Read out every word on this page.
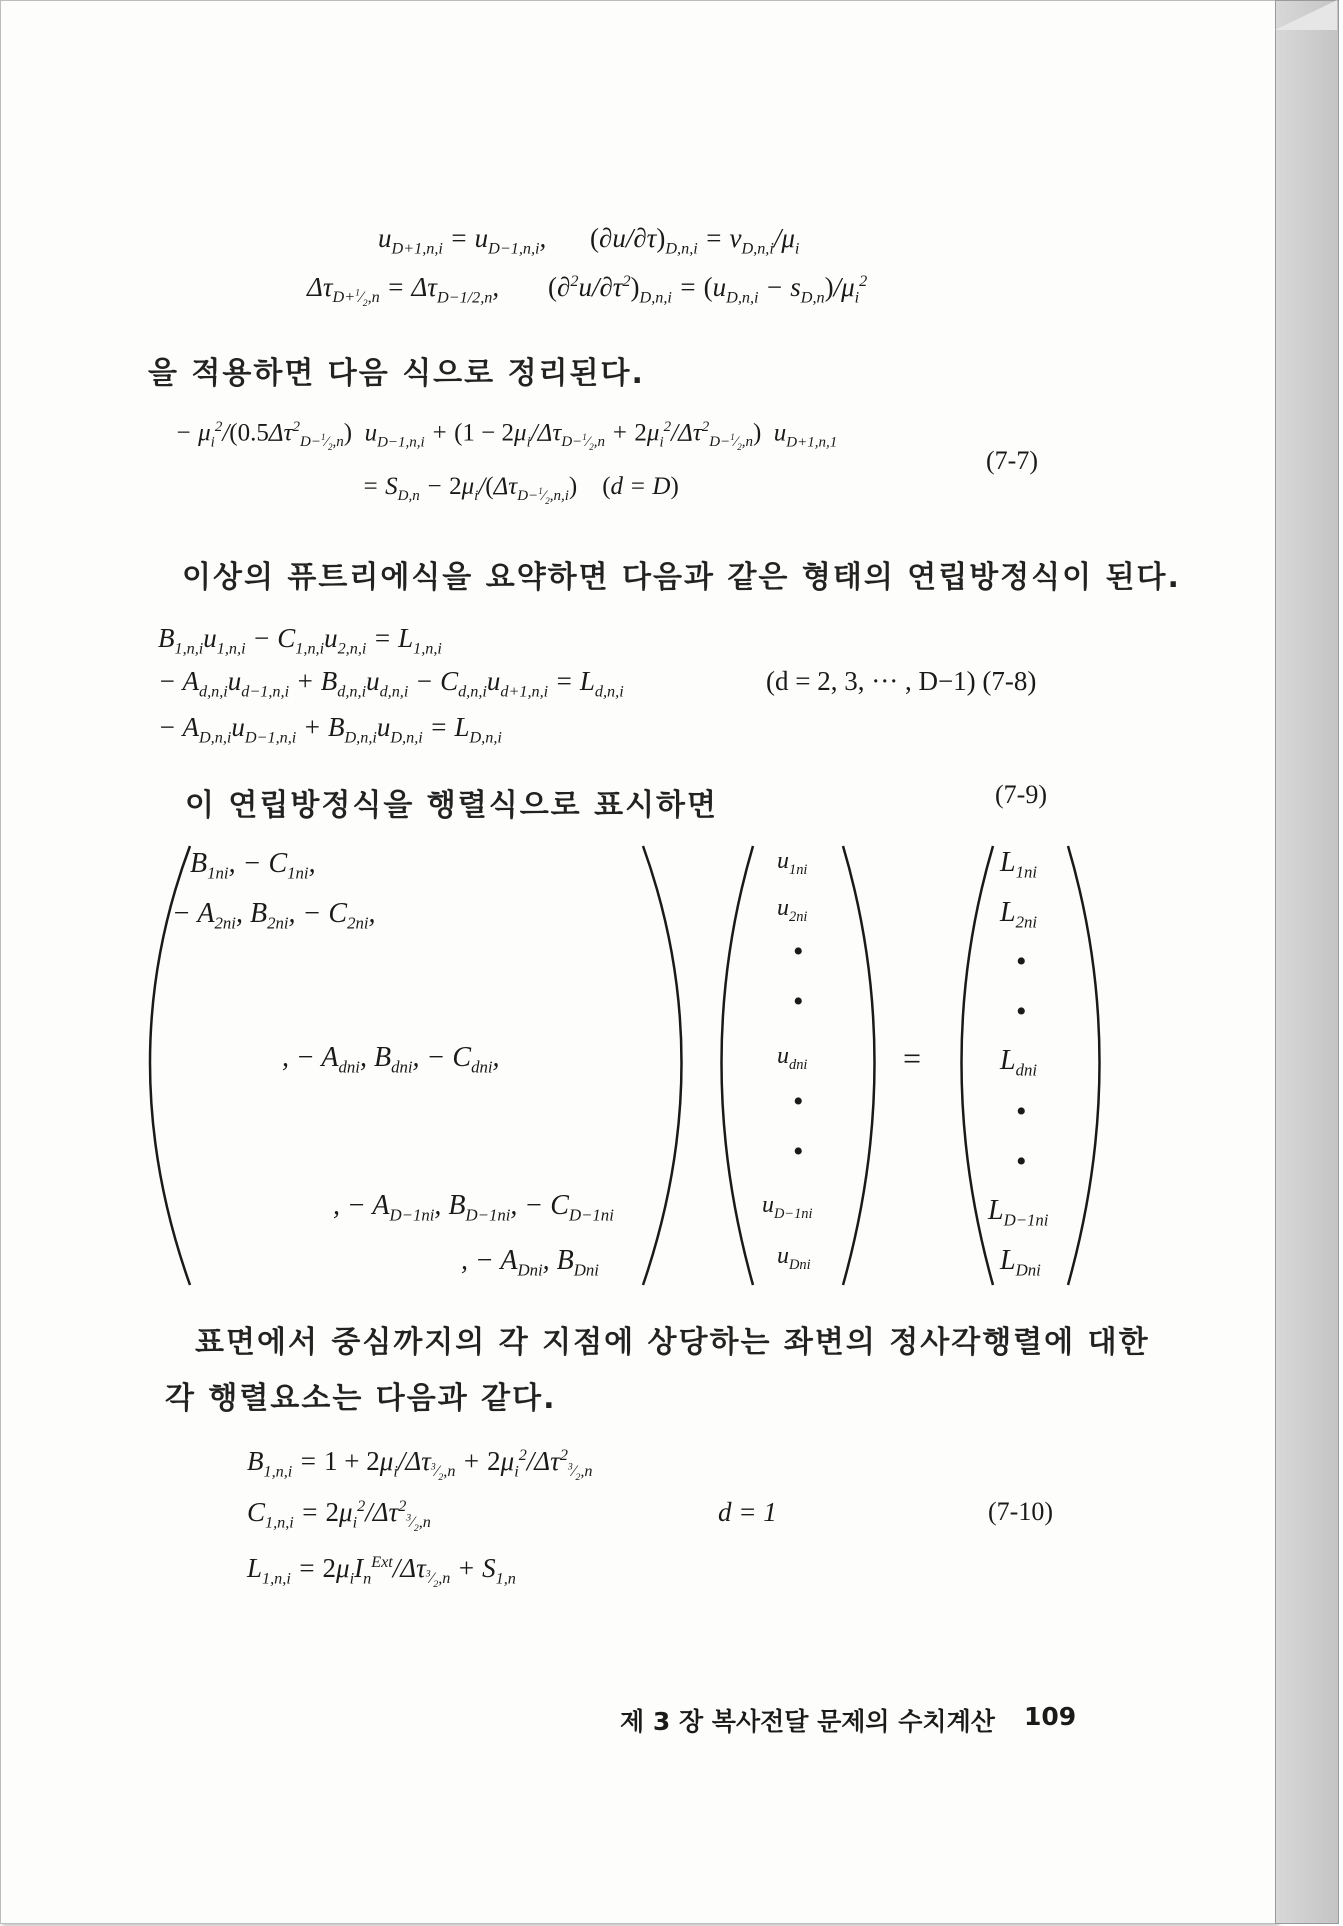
$u_{D+1,n,i} = u_{D-1,n,i}$, $(\partial u/\partial\tau)_{D,n,i} = v_{D,n,i}/\mu_i$
$\Delta\tau_{D+^1⁄_2,n} = \Delta\tau_{D-1/2,n}$, $(\partial^2u/\partial\tau^2)_{D,n,i} = (u_{D,n,i} - s_{D,n})/\mu_i^2$
을 적용하면 다음 식으로 정리된다.
− $\mu_i^2/(0.5\Delta\tau^2_{D-^1⁄_2,n}) u_{D-1,n,i} + (1 - 2\mu_i/\Delta\tau_{D-^1⁄_2,n} + 2\mu_i^2/\Delta\tau^2_{D-^1⁄_2,n})$  $u_{D+1,n,1}$
(7-7)
= $S_{D,n} - 2\mu_i/(\Delta\tau_{D-^1⁄_2,n,i}) (d = D)$
이상의 퓨트리에식을 요약하면 다음과 같은 형태의 연립방정식이 된다.
$B_{1,n,i}u_{1,n,i} - C_{1,n,i}u_{2,n,i} = L_{1,n,i}$
− $A_{d,n,i}u_{d-1,n,i} + B_{d,n,i}u_{d,n,i} - C_{d,n,i}u_{d+1,n,i} = L_{d,n,i}$	(d = 2, 3, ··· , D−1) (7-8)
− $A_{D,n,i}u_{D-1,n,i} + B_{D,n,i}u_{D,n,i} = L_{D,n,i}$
이 연립방정식을 행렬식으로 표시하면	(7-9)
$B_{1ni}$, − $C_{1ni}$,
− $A_{2ni}$, $B_{2ni}$, − $C_{2ni}$,
, − $A_{dni}$, $B_{dni}$, − $C_{dni}$,
, − $A_{D-1ni}$, $B_{D-1ni}$, − $C_{D-1ni}$
, − $A_{Dni}$, $B_{Dni}$
$u_{1ni}$
$u_{2ni}$
•
•
$u_{dni}$
•
•
$u_{D-1ni}$
$u_{Dni}$
=
$L_{1ni}$
$L_{2ni}$
•
•
$L_{dni}$
•
•
$L_{D-1ni}$
$L_{Dni}$
표면에서 중심까지의 각 지점에 상당하는 좌변의 정사각행렬에 대한
각 행렬요소는 다음과 같다.
$B_{1,n,i} = 1 + 2\mu_i/\Delta\tau_{^3⁄_2,n} + 2\mu_i^2/\Delta\tau^2_{^3⁄_2,n}$
$C_{1,n,i} = 2\mu_i^2/\Delta\tau^2_{^3⁄_2,n}$	d = 1	(7-10)
$L_{1,n,i} = 2\mu_iI_n^{Ext}/\Delta\tau_{^3⁄_2,n} + S_{1,n}$
제 3 장 복사전달 문제의 수치계산 109
